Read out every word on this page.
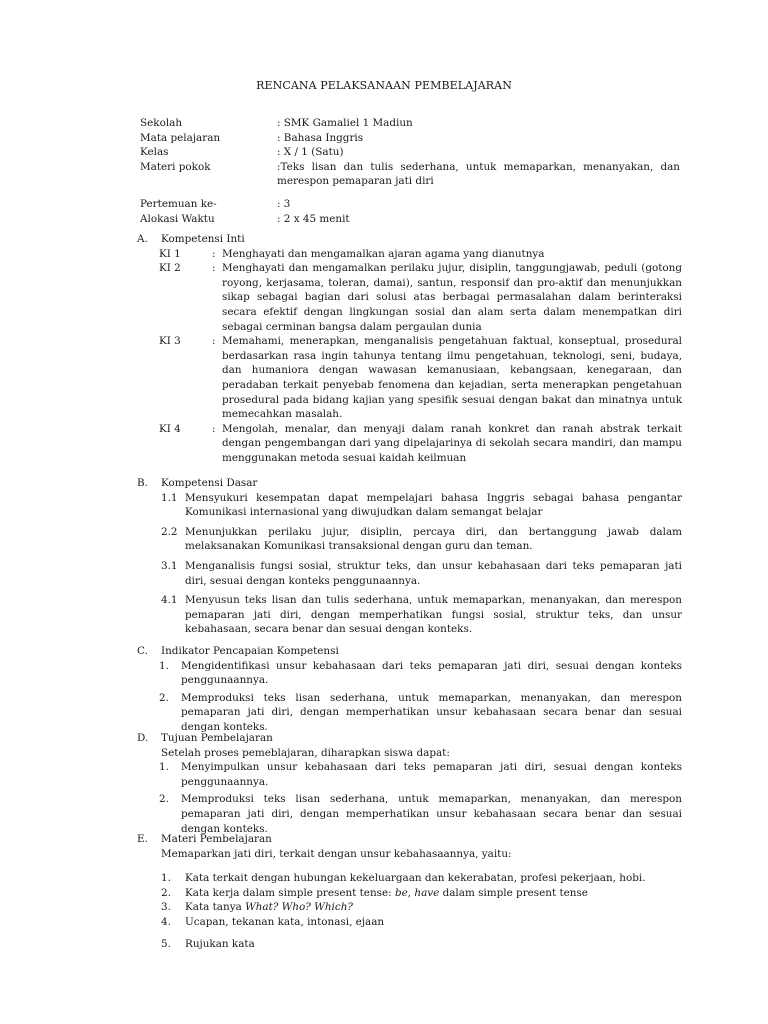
RENCANA PELAKSANAAN PEMBELAJARAN
Sekolah	: SMK Gamaliel 1 Madiun
Mata pelajaran	: Bahasa Inggris
Kelas	: X / 1 (Satu)
Materi pokok	:Teks lisan dan tulis sederhana, untuk memaparkan, menanyakan, dan merespon pemaparan jati diri
Pertemuan ke-	: 3
Alokasi Waktu	: 2 x 45 menit
A.	Kompetensi Inti
KI 1	: Menghayati dan mengamalkan ajaran agama yang dianutnya
KI 2	: Menghayati dan mengamalkan perilaku jujur, disiplin, tanggungjawab, peduli (gotong royong, kerjasama, toleran, damai), santun, responsif dan pro-aktif dan menunjukkan sikap sebagai bagian dari solusi atas berbagai permasalahan dalam berinteraksi secara efektif dengan lingkungan sosial dan alam serta dalam menempatkan diri sebagai cerminan bangsa dalam pergaulan dunia
KI 3	: Memahami, menerapkan, menganalisis pengetahuan faktual, konseptual, prosedural berdasarkan rasa ingin tahunya tentang ilmu pengetahuan, teknologi, seni, budaya, dan humaniora dengan wawasan kemanusiaan, kebangsaan, kenegaraan, dan peradaban terkait penyebab fenomena dan kejadian, serta menerapkan pengetahuan prosedural pada bidang kajian yang spesifik sesuai dengan bakat dan minatnya untuk memecahkan masalah.
KI 4	: Mengolah, menalar, dan menyaji dalam ranah konkret dan ranah abstrak terkait dengan pengembangan dari yang dipelajarinya di sekolah secara mandiri, dan mampu menggunakan metoda sesuai kaidah keilmuan
B.	Kompetensi Dasar
1.1 Mensyukuri kesempatan dapat mempelajari bahasa Inggris sebagai bahasa pengantar Komunikasi internasional yang diwujudkan dalam semangat belajar
2.2 Menunjukkan perilaku jujur, disiplin, percaya diri, dan bertanggung jawab dalam melaksanakan Komunikasi transaksional dengan guru dan teman.
3.1 Menganalisis fungsi sosial, struktur teks, dan unsur kebahasaan dari teks pemaparan jati diri, sesuai dengan konteks penggunaannya.
4.1 Menyusun teks lisan dan tulis sederhana, untuk memaparkan, menanyakan, dan merespon pemaparan jati diri, dengan memperhatikan fungsi sosial, struktur teks, dan unsur kebahasaan, secara benar dan sesuai dengan konteks.
C.	Indikator Pencapaian Kompetensi
1.	Mengidentifikasi unsur kebahasaan dari teks pemaparan jati diri, sesuai dengan konteks penggunaannya.
2.	Memproduksi teks lisan sederhana, untuk memaparkan, menanyakan, dan merespon pemaparan jati diri, dengan memperhatikan unsur kebahasaan secara benar dan sesuai dengan konteks.
D.	Tujuan Pembelajaran
Setelah proses pemeblajaran, diharapkan siswa dapat:
1.	Menyimpulkan unsur kebahasaan dari teks pemaparan jati diri, sesuai dengan konteks penggunaannya.
2.	Memproduksi teks lisan sederhana, untuk memaparkan, menanyakan, dan merespon pemaparan jati diri, dengan memperhatikan unsur kebahasaan secara benar dan sesuai dengan konteks.
E.	Materi Pembelajaran
Memaparkan jati diri, terkait dengan unsur kebahasaannya, yaitu:
1.	Kata terkait dengan hubungan kekeluargaan dan kekerabatan, profesi pekerjaan, hobi.
2.	Kata kerja dalam simple present tense: be, have dalam simple present tense
3.	Kata tanya What? Who? Which?
4.	Ucapan, tekanan kata, intonasi, ejaan
5.	Rujukan kata
